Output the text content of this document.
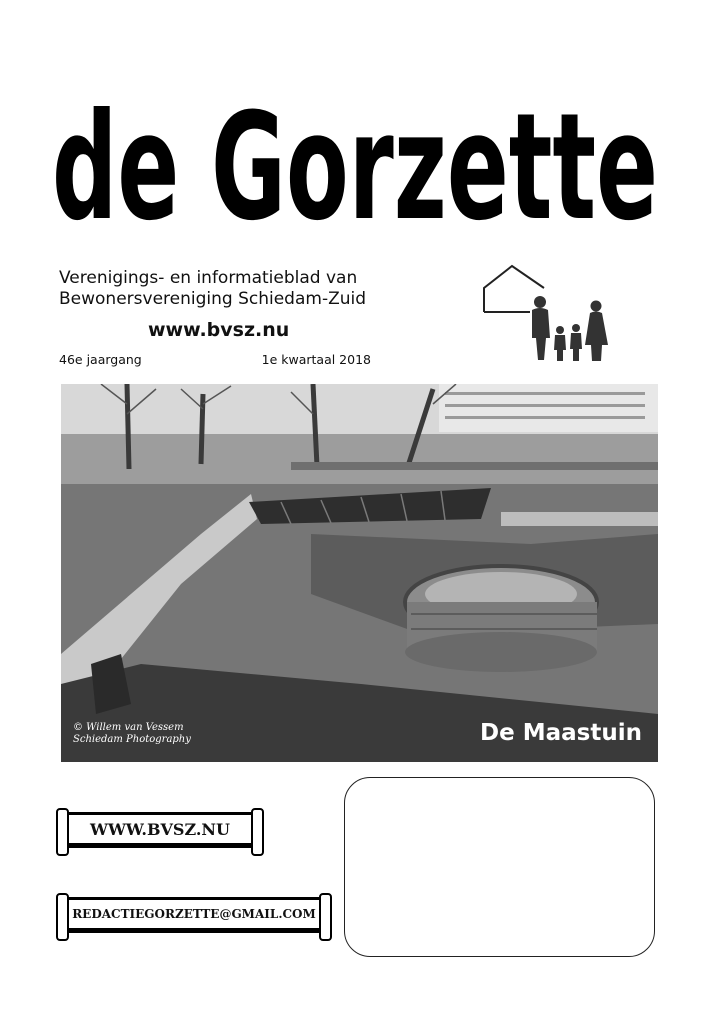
de Gorzette
Verenigings- en informatieblad van
Bewonersvereniging Schiedam-Zuid
www.bvsz.nu
46e jaargang	1e kwartaal 2018
© Willem van Vessem
Schiedam Photography	De Maastuin
WWW.BVSZ.NU
REDACTIEGORZETTE@GMAIL.COM
